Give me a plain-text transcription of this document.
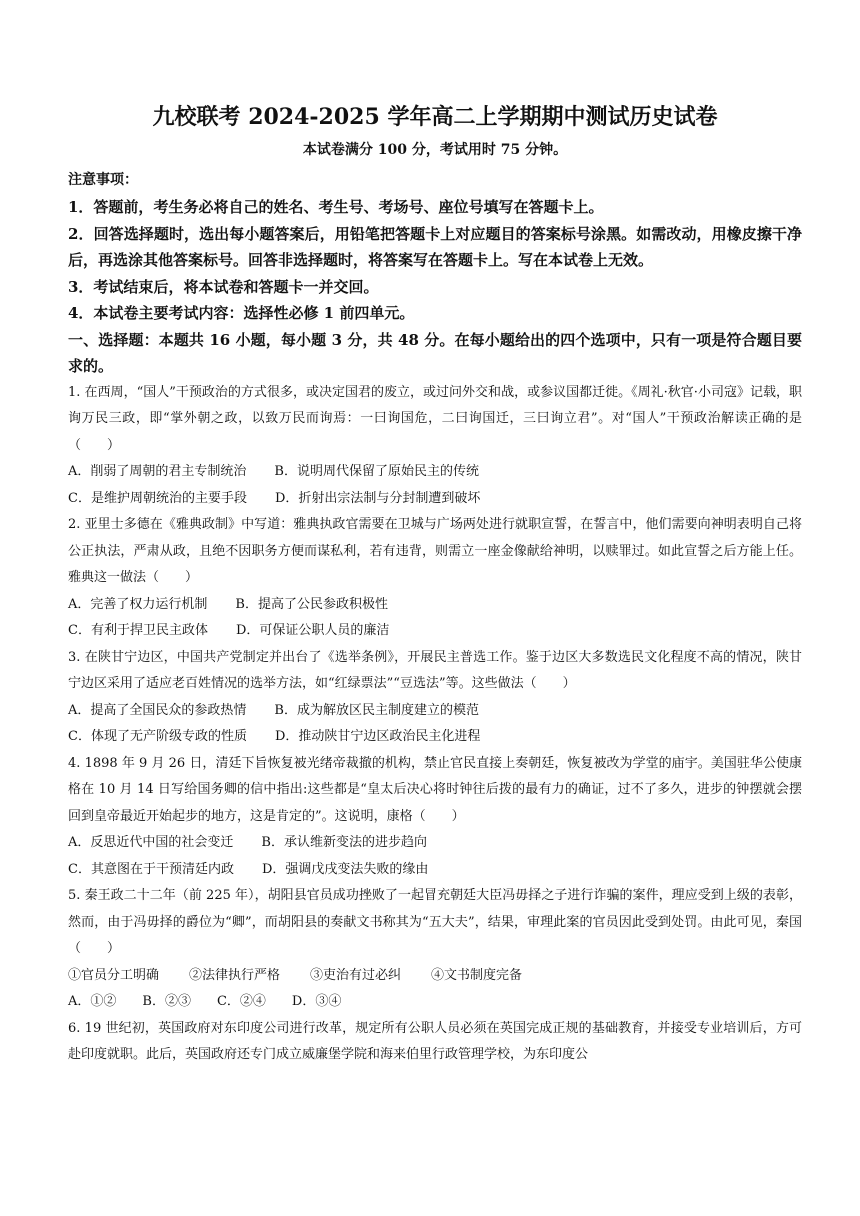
九校联考 2024-2025 学年高二上学期期中测试历史试卷

本试卷满分 100 分，考试用时 75 分钟。

注意事项：

1．答题前，考生务必将自己的姓名、考生号、考场号、座位号填写在答题卡上。

2．回答选择题时，选出每小题答案后，用铅笔把答题卡上对应题目的答案标号涂黑。如需改动，用橡皮擦干净后，再选涂其他答案标号。回答非选择题时，将答案写在答题卡上。写在本试卷上无效。

3．考试结束后，将本试卷和答题卡一并交回。

4．本试卷主要考试内容：选择性必修 1 前四单元。

一、选择题：本题共 16 小题，每小题 3 分，共 48 分。在每小题给出的四个选项中，只有一项是符合题目要求的。

1. 在西周，“国人”干预政治的方式很多，或决定国君的废立，或过问外交和战，或参议国都迁徙。《周礼·秋官·小司寇》记载，职询万民三政，即“掌外朝之政，以致万民而询焉：一曰询国危，二曰询国迁，三曰询立君”。对“国人”干预政治解读正确的是（　　）

A．削弱了周朝的君主专制统治 B．说明周代保留了原始民主的传统

C．是维护周朝统治的主要手段 D．折射出宗法制与分封制遭到破坏

2. 亚里士多德在《雅典政制》中写道：雅典执政官需要在卫城与广场两处进行就职宣誓，在誓言中，他们需要向神明表明自己将公正执法，严肃从政，且绝不因职务方便而谋私利，若有违背，则需立一座金像献给神明，以赎罪过。如此宣誓之后方能上任。雅典这一做法（　　）

A．完善了权力运行机制 B．提高了公民参政积极性

C．有利于捍卫民主政体 D．可保证公职人员的廉洁

3. 在陕甘宁边区，中国共产党制定并出台了《选举条例》，开展民主普选工作。鉴于边区大多数选民文化程度不高的情况，陕甘宁边区采用了适应老百姓情况的选举方法，如“红绿票法”“豆选法”等。这些做法（　　）

A．提高了全国民众的参政热情 B．成为解放区民主制度建立的模范

C．体现了无产阶级专政的性质 D．推动陕甘宁边区政治民主化进程

4. 1898 年 9 月 26 日，清廷下旨恢复被光绪帝裁撤的机构，禁止官民直接上奏朝廷，恢复被改为学堂的庙宇。美国驻华公使康格在 10 月 14 日写给国务卿的信中指出:这些都是“皇太后决心将时钟往后拨的最有力的确证，过不了多久，进步的钟摆就会摆回到皇帝最近开始起步的地方，这是肯定的”。这说明，康格（　　）

A．反思近代中国的社会变迁 B．承认维新变法的进步趋向

C．其意图在于干预清廷内政 D．强调戊戌变法失败的缘由

5. 秦王政二十二年（前 225 年），胡阳县官员成功挫败了一起冒充朝廷大臣冯毋择之子进行诈骗的案件，理应受到上级的表彰，然而，由于冯毋择的爵位为“卿”，而胡阳县的奏献文书称其为“五大夫”，结果，审理此案的官员因此受到处罚。由此可见，秦国（　　）

①官员分工明确 ②法律执行严格 ③吏治有过必纠 ④文书制度完备

A．①② B．②③ C．②④ D．③④

6. 19 世纪初，英国政府对东印度公司进行改革，规定所有公职人员必须在英国完成正规的基础教育，并接受专业培训后，方可赴印度就职。此后，英国政府还专门成立威廉堡学院和海来伯里行政管理学校，为东印度公
